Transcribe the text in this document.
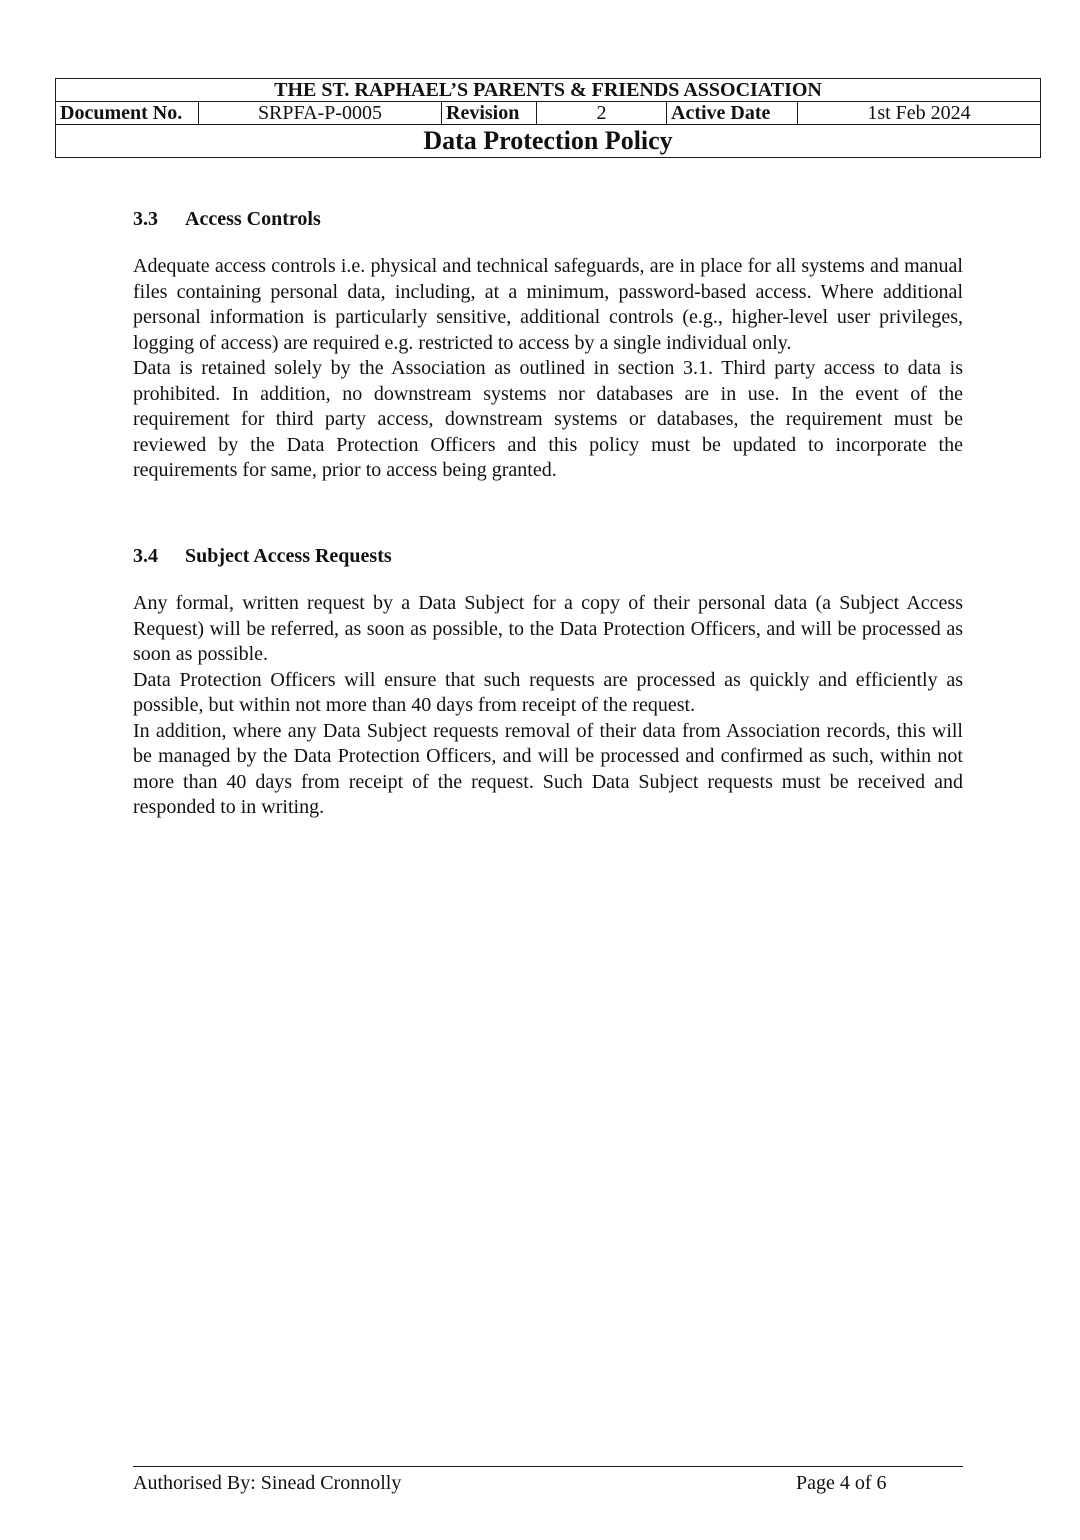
THE ST. RAPHAEL’S PARENTS & FRIENDS ASSOCIATION
Document No.	SRPFA-P-0005	Revision	2	Active Date	1st Feb 2024
Data Protection Policy
3.3 Access Controls

Adequate access controls i.e. physical and technical safeguards, are in place for all systems and manual files containing personal data, including, at a minimum, password-based access. Where additional personal information is particularly sensitive, additional controls (e.g., higher-level user privileges, logging of access) are required e.g. restricted to access by a single individual only.

Data is retained solely by the Association as outlined in section 3.1. Third party access to data is prohibited. In addition, no downstream systems nor databases are in use. In the event of the requirement for third party access, downstream systems or databases, the requirement must be reviewed by the Data Protection Officers and this policy must be updated to incorporate the requirements for same, prior to access being granted.

3.4 Subject Access Requests

Any formal, written request by a Data Subject for a copy of their personal data (a Subject Access Request) will be referred, as soon as possible, to the Data Protection Officers, and will be processed as soon as possible.

Data Protection Officers will ensure that such requests are processed as quickly and efficiently as possible, but within not more than 40 days from receipt of the request.

In addition, where any Data Subject requests removal of their data from Association records, this will be managed by the Data Protection Officers, and will be processed and confirmed as such, within not more than 40 days from receipt of the request. Such Data Subject requests must be received and responded to in writing.

Authorised By: Sinead Cronnolly	Page 4 of 6
